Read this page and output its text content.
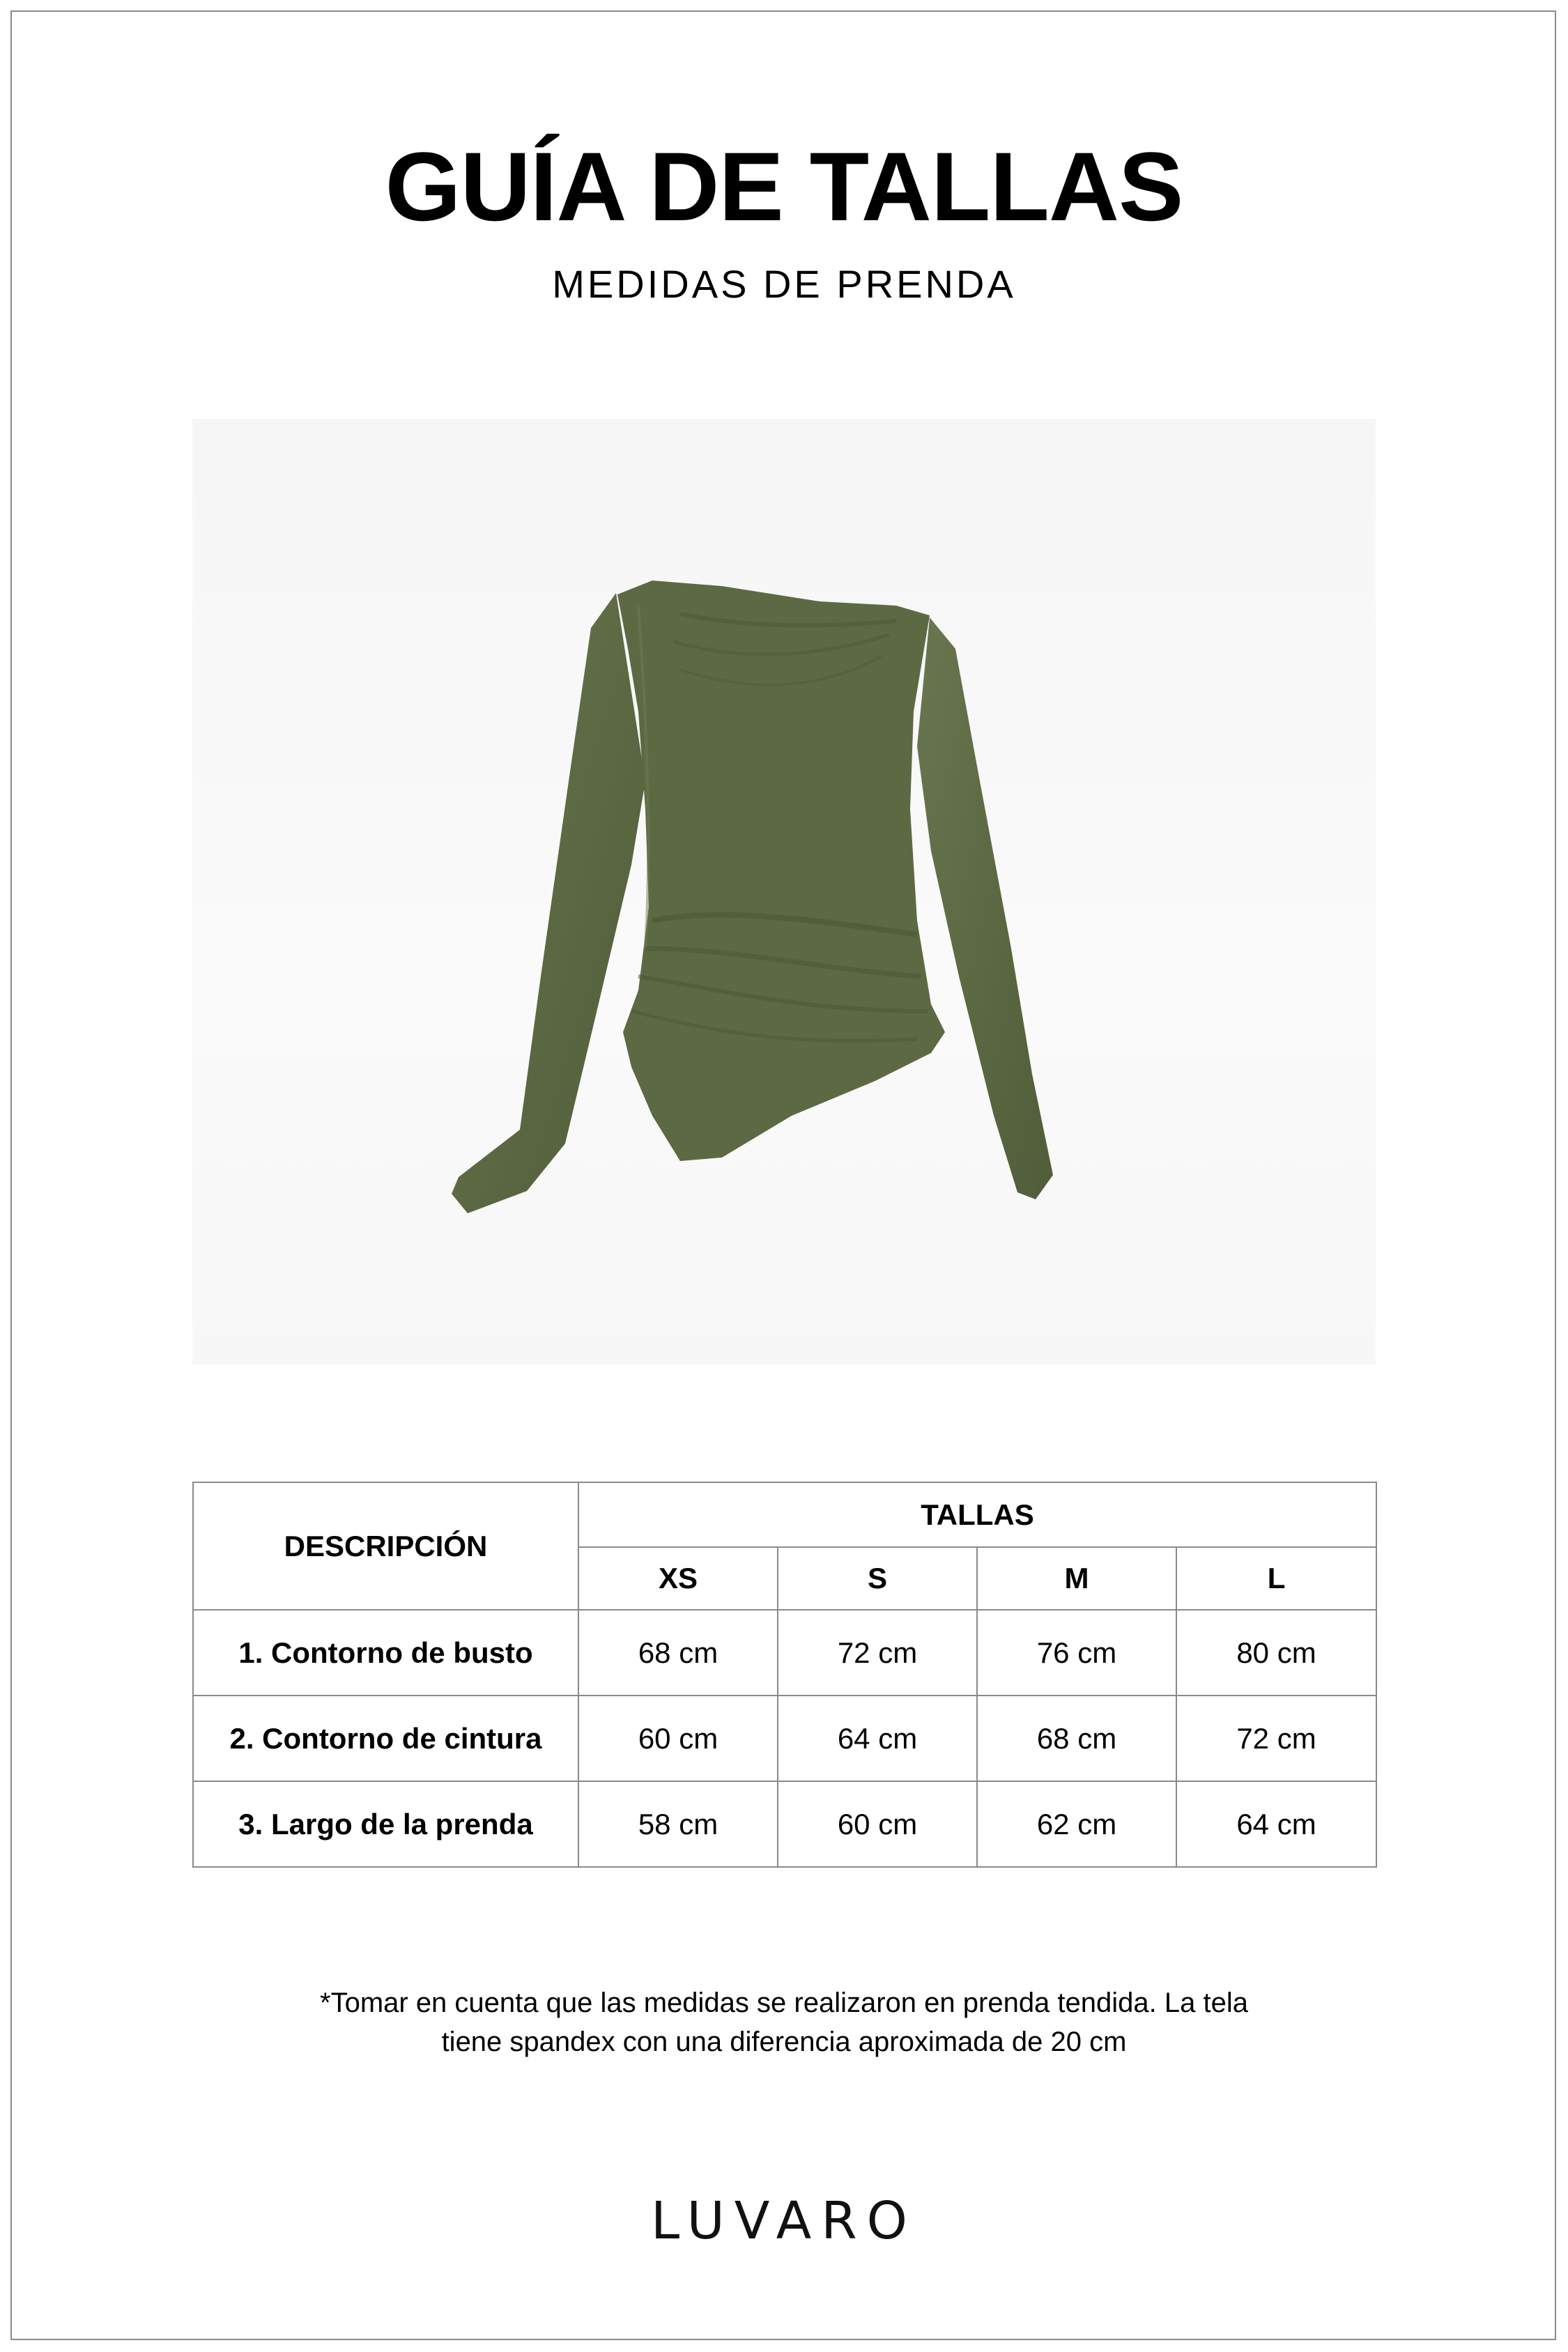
GUÍA DE TALLAS
MEDIDAS DE PRENDA
DESCRIPCIÓN	TALLAS			
	XS	S	M	L
1. Contorno de busto	68 cm	72 cm	76 cm	80 cm
2. Contorno de cintura	60 cm	64 cm	68 cm	72 cm
3. Largo de la prenda	58 cm	60 cm	62 cm	64 cm
*Tomar en cuenta que las medidas se realizaron en prenda tendida. La tela
tiene spandex con una diferencia aproximada de 20 cm
LUVARO
